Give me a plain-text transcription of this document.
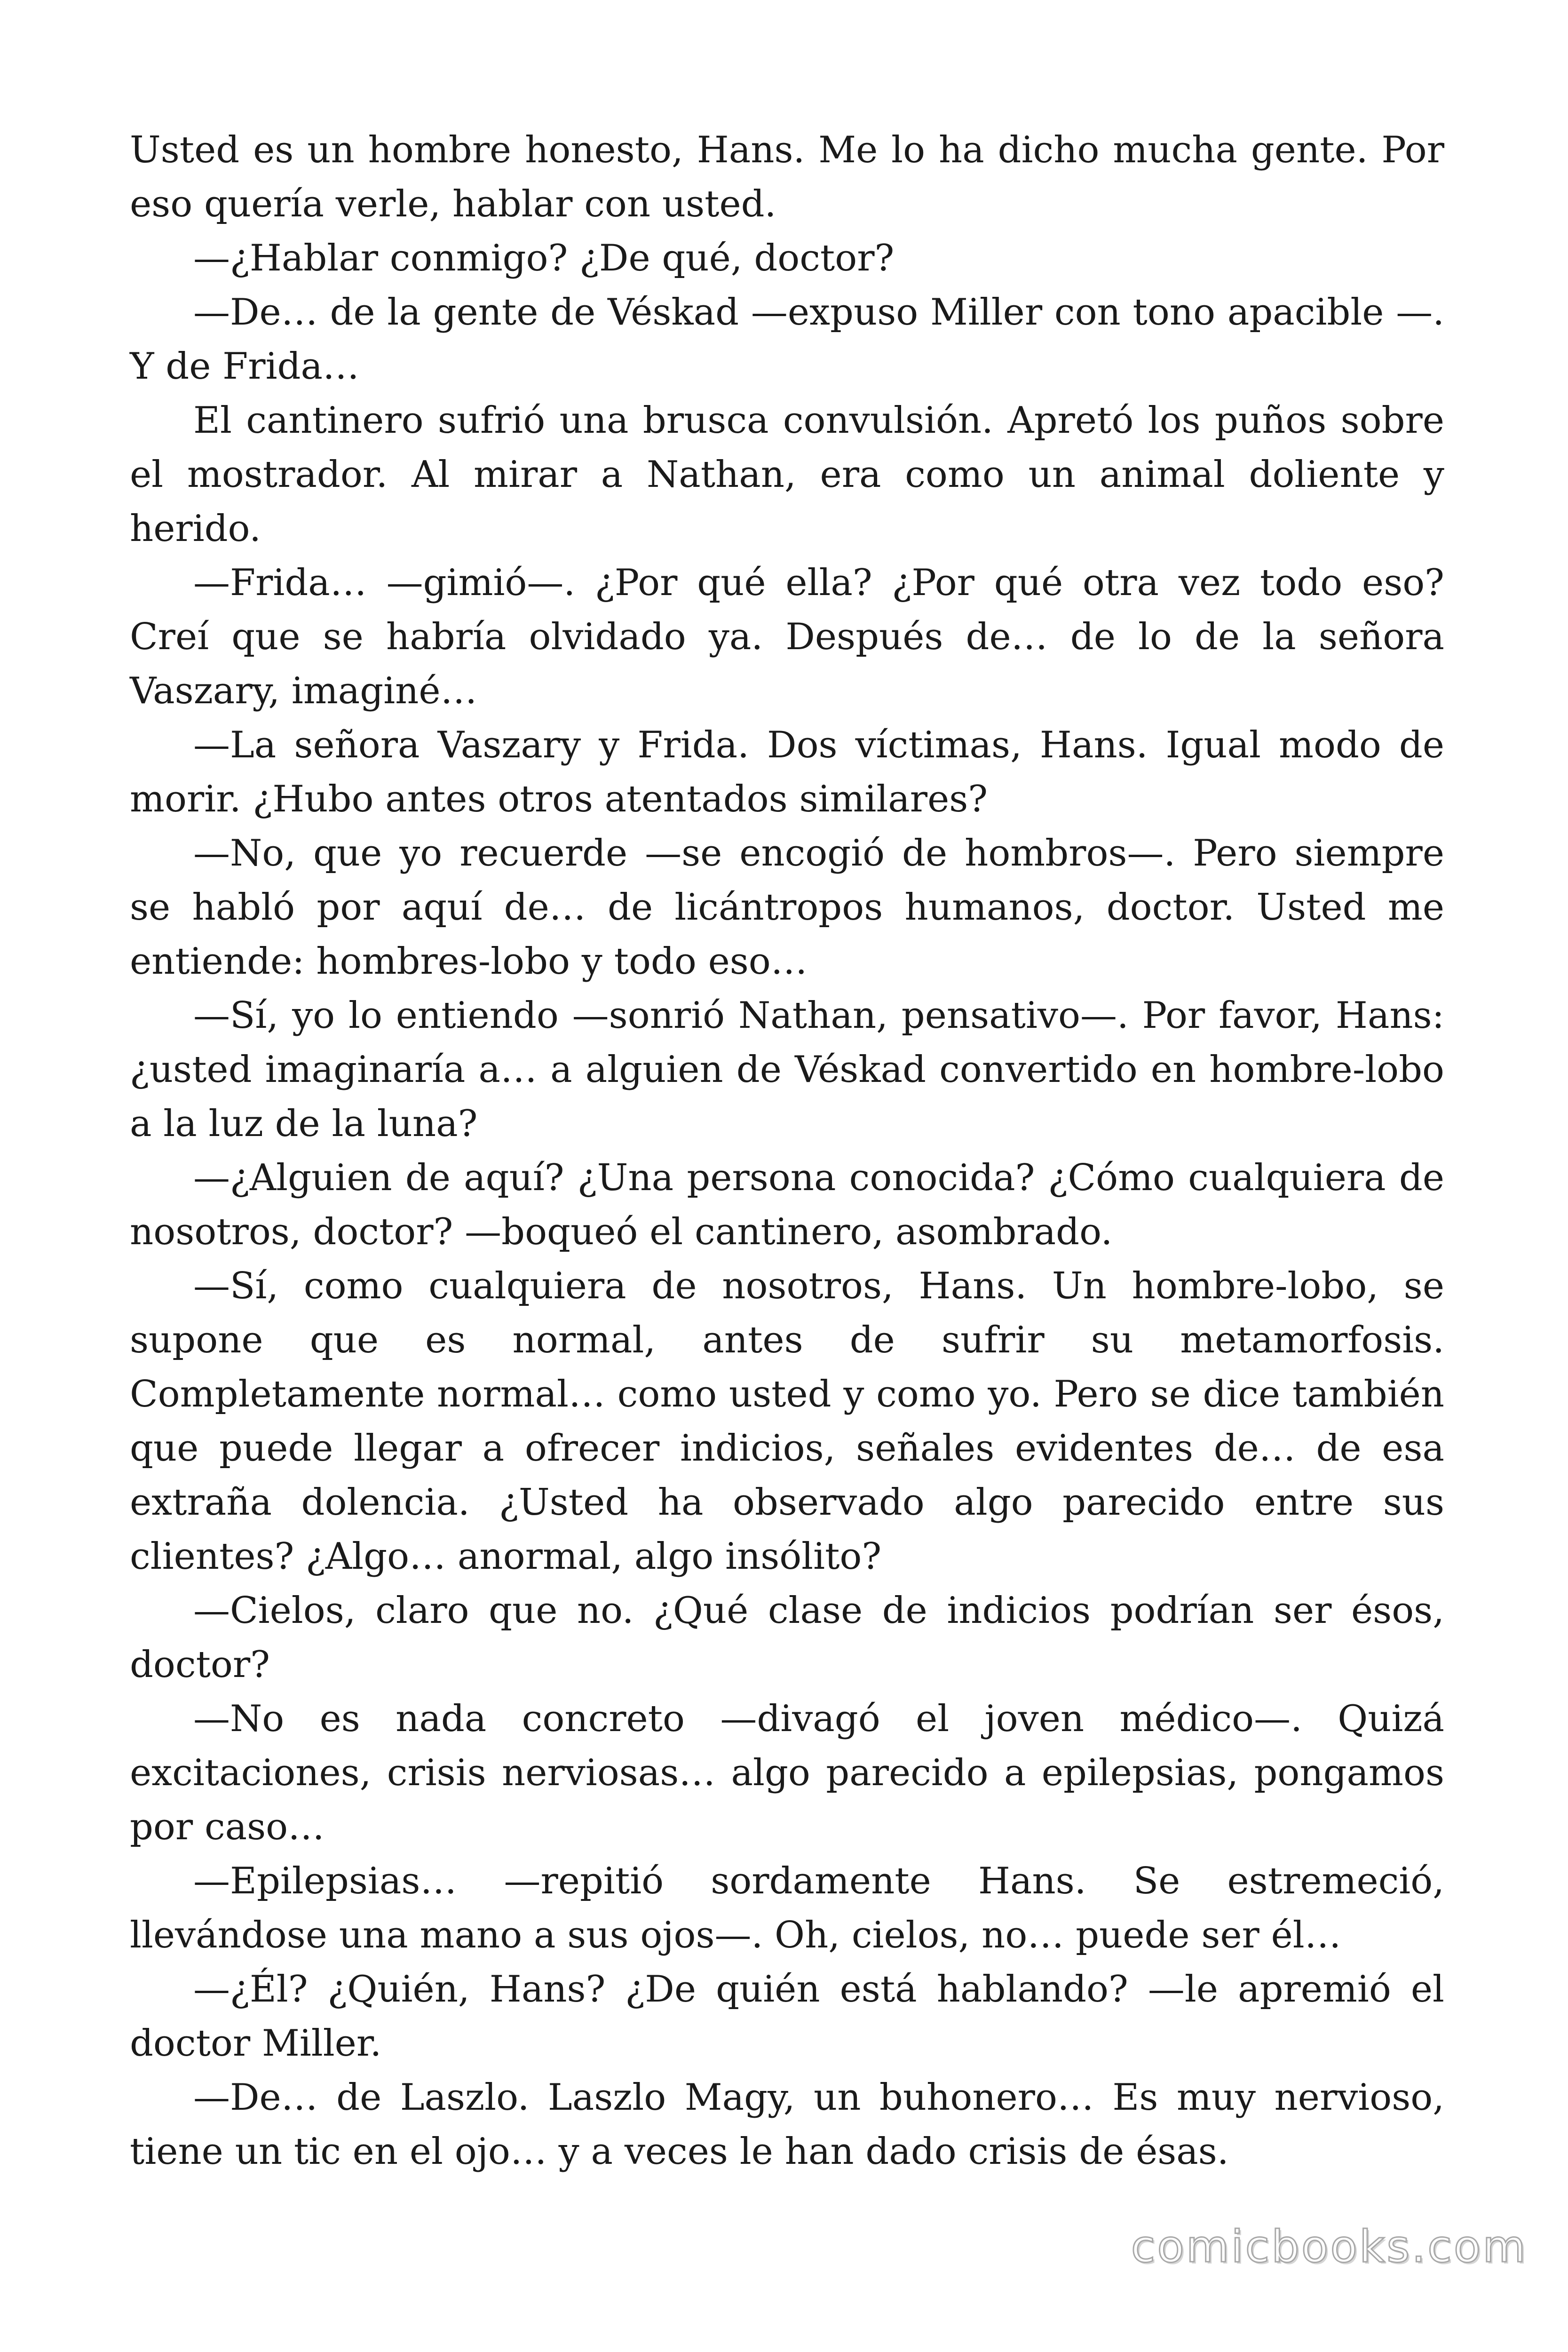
Usted es un hombre honesto, Hans. Me lo ha dicho mucha gente. Por eso quería verle, hablar con usted.

—¿Hablar conmigo? ¿De qué, doctor?

—De… de la gente de Véskad —expuso Miller con tono apacible —. Y de Frida…

El cantinero sufrió una brusca convulsión. Apretó los puños sobre el mostrador. Al mirar a Nathan, era como un animal doliente y herido.

—Frida… —gimió—. ¿Por qué ella? ¿Por qué otra vez todo eso? Creí que se habría olvidado ya. Después de… de lo de la señora Vaszary, imaginé…

—La señora Vaszary y Frida. Dos víctimas, Hans. Igual modo de morir. ¿Hubo antes otros atentados similares?

—No, que yo recuerde —se encogió de hombros—. Pero siempre se habló por aquí de… de licántropos humanos, doctor. Usted me entiende: hombres-lobo y todo eso…

—Sí, yo lo entiendo —sonrió Nathan, pensativo—. Por favor, Hans: ¿usted imaginaría a… a alguien de Véskad convertido en hombre-lobo a la luz de la luna?

—¿Alguien de aquí? ¿Una persona conocida? ¿Cómo cualquiera de nosotros, doctor? —boqueó el cantinero, asombrado.

—Sí, como cualquiera de nosotros, Hans. Un hombre-lobo, se supone que es normal, antes de sufrir su metamorfosis. Completamente normal… como usted y como yo. Pero se dice también que puede llegar a ofrecer indicios, señales evidentes de… de esa extraña dolencia. ¿Usted ha observado algo parecido entre sus clientes? ¿Algo… anormal, algo insólito?

—Cielos, claro que no. ¿Qué clase de indicios podrían ser ésos, doctor?

—No es nada concreto —divagó el joven médico—. Quizá excitaciones, crisis nerviosas… algo parecido a epilepsias, pongamos por caso…

—Epilepsias… —repitió sordamente Hans. Se estremeció, llevándose una mano a sus ojos—. Oh, cielos, no… puede ser él…

—¿Él? ¿Quién, Hans? ¿De quién está hablando? —le apremió el doctor Miller.

—De… de Laszlo. Laszlo Magy, un buhonero… Es muy nervioso, tiene un tic en el ojo… y a veces le han dado crisis de ésas.

comicbooks.com
